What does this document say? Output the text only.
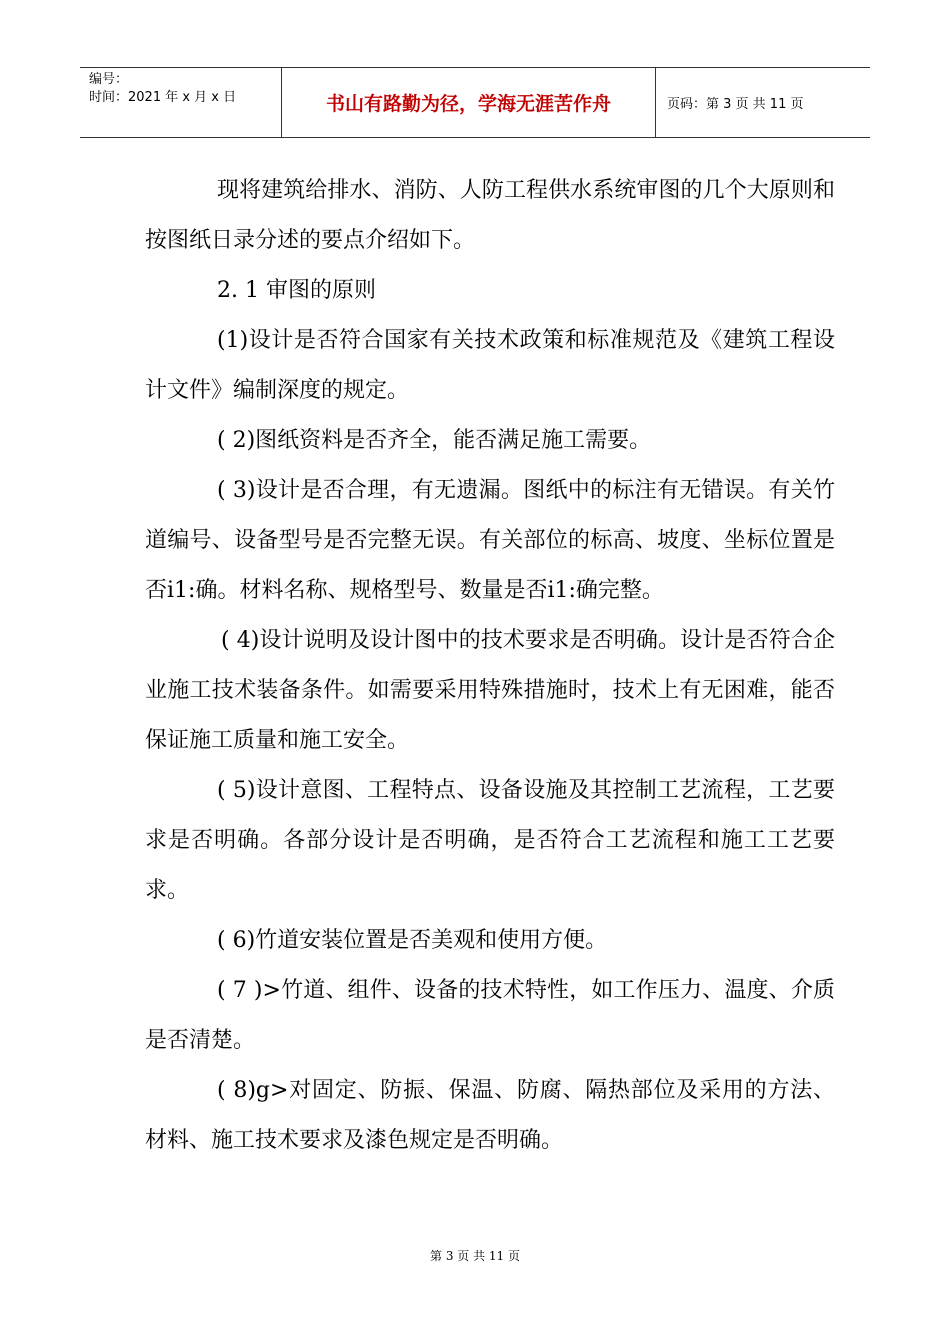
编号：
时间：2021 年 x 月 x 日	书山有路勤为径，学海无涯苦作舟	页码：第 3 页 共 11 页

现将建筑给排水、消防、人防工程供水系统审图的几个大原则和按图纸日录分述的要点介绍如下。

2. 1 审图的原则

(1)设计是否符合国家有关技术政策和标准规范及《建筑工程设计文件》编制深度的规定。

( 2)图纸资料是否齐全，能否满足施工需要。

( 3)设计是否合理，有无遗漏。图纸中的标注有无错误。有关竹道编号、设备型号是否完整无误。有关部位的标高、坡度、坐标位置是否i1:确。材料名称、规格型号、数量是否i1:确完整。

( 4)设计说明及设计图中的技术要求是否明确。设计是否符合企业施工技术装备条件。如需要采用特殊措施时，技术上有无困难，能否保证施工质量和施工安全。

( 5)设计意图、工程特点、设备设施及其控制工艺流程，工艺要求是否明确。各部分设计是否明确，是否符合工艺流程和施工工艺要求。

( 6)竹道安装位置是否美观和使用方便。

( 7 )>竹道、组件、设备的技术特性，如工作压力、温度、介质是否清楚。

( 8)g>对固定、防振、保温、防腐、隔热部位及采用的方法、材料、施工技术要求及漆色规定是否明确。

第 3 页 共 11 页
